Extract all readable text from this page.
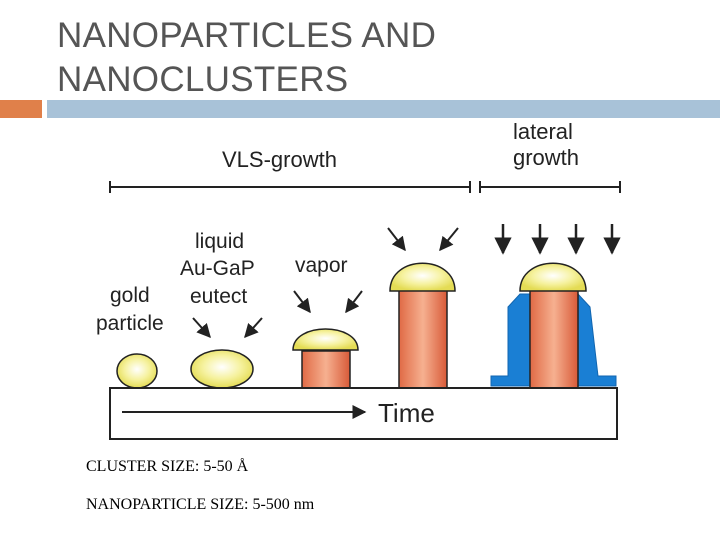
NANOPARTICLES AND
NANOCLUSTERS
VLS-growth
lateral
growth
gold
particle
liquid
Au-GaP
eutect
vapor
Time
CLUSTER SIZE: 5-50 Å
NANOPARTICLE SIZE: 5-500 nm
